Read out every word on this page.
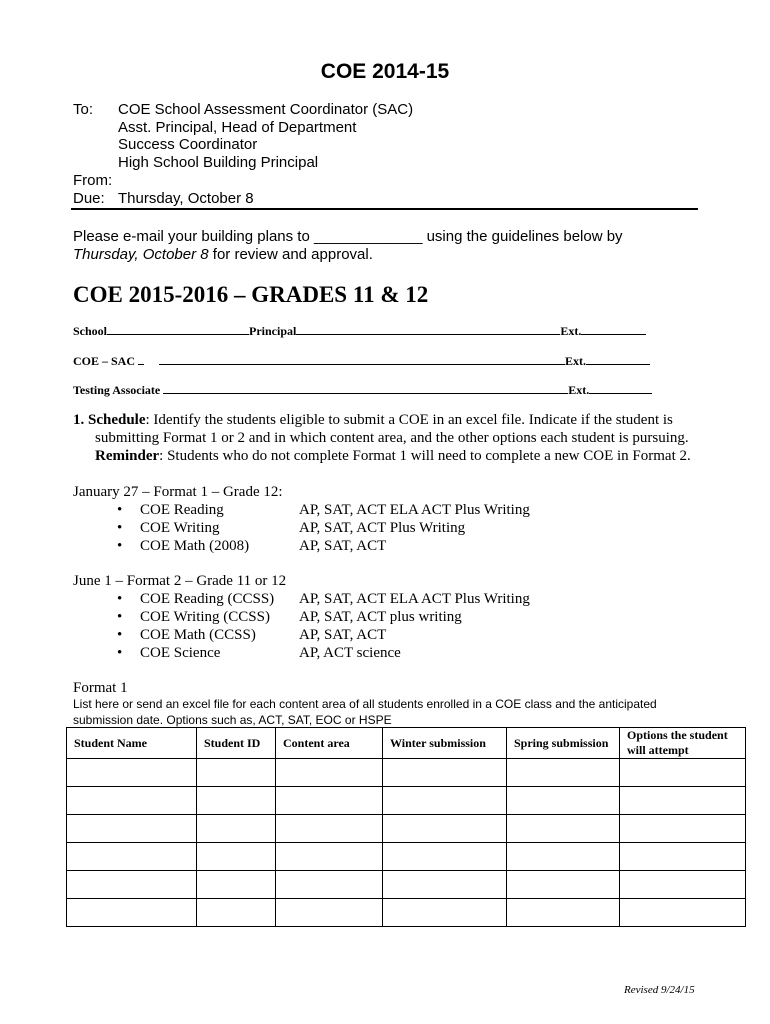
COE 2014-15
To: COE School Assessment Coordinator (SAC)
Asst. Principal, Head of Department
Success Coordinator
High School Building Principal
From:
Due: Thursday, October 8
Please e-mail your building plans to _____________ using the guidelines below by
Thursday, October 8 for review and approval.
COE 2015-2016 – GRADES 11 & 12
School	Principal	Ext.
COE – SAC	Ext.
Testing Associate	Ext.
1. Schedule: Identify the students eligible to submit a COE in an excel file. Indicate if the student is
submitting Format 1 or 2 and in which content area, and the other options each student is pursuing.
Reminder: Students who do not complete Format 1 will need to complete a new COE in Format 2.
January 27 – Format 1 – Grade 12:
• COE Reading	AP, SAT, ACT ELA ACT Plus Writing
• COE Writing	AP, SAT, ACT Plus Writing
• COE Math (2008)	AP, SAT, ACT
June 1 – Format 2 – Grade 11 or 12
• COE Reading (CCSS) AP, SAT, ACT ELA ACT Plus Writing
• COE Writing (CCSS) AP, SAT, ACT plus writing
• COE Math (CCSS)	AP, SAT, ACT
• COE Science	AP, ACT science
Format 1
List here or send an excel file for each content area of all students enrolled in a COE class and the anticipated submission date. Options such as, ACT, SAT, EOC or HSPE
Student Name	Student ID	Content area	Winter submission	Spring submission	Options the student will attempt

Revised 9/24/15
